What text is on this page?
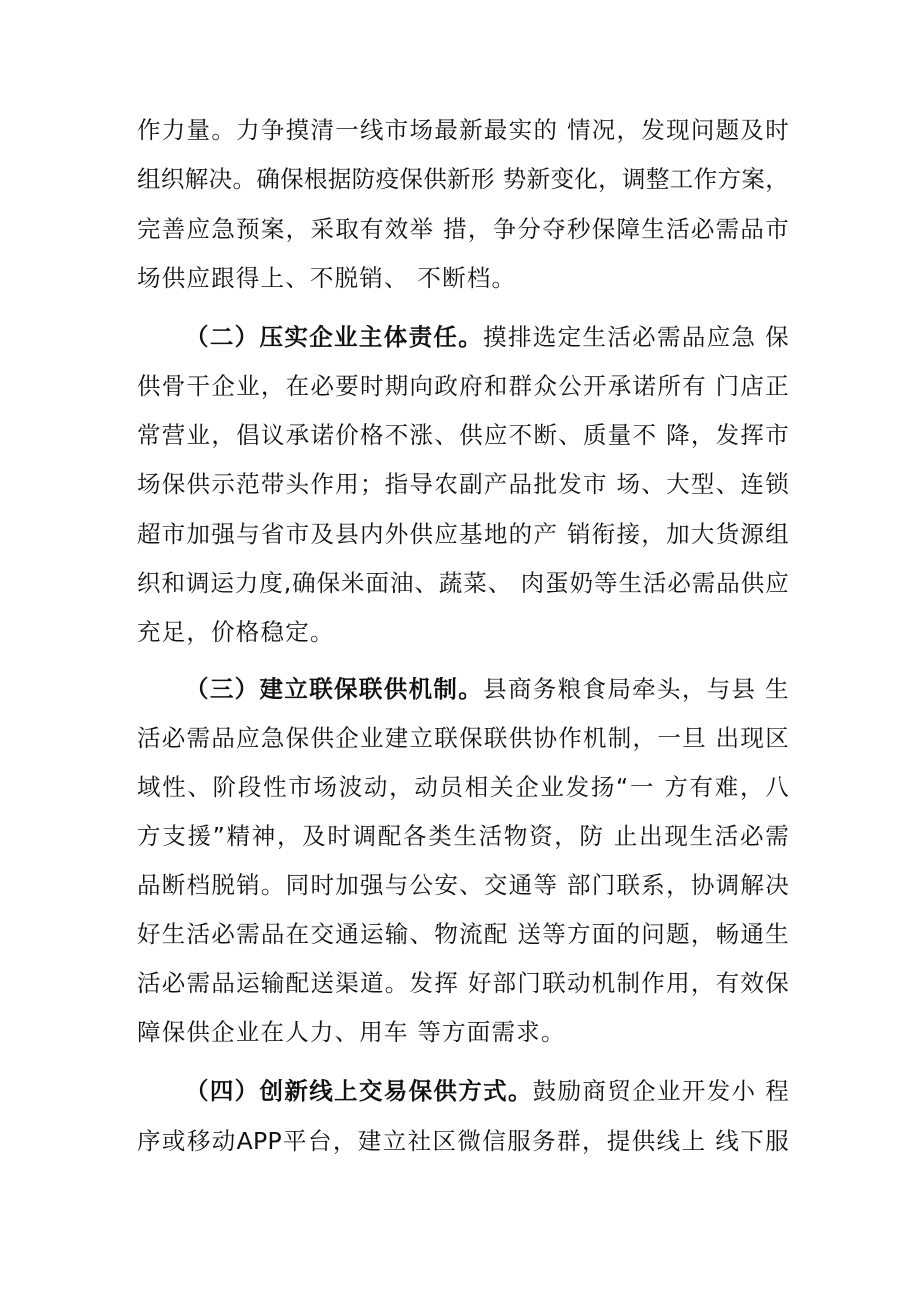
作力量。力争摸清一线市场最新最实的 情况，发现问题及时
组织解决。确保根据防疫保供新形 势新变化，调整工作方案，
完善应急预案，采取有效举 措，争分夺秒保障生活必需品市
场供应跟得上、不脱销、 不断档。
（二）压实企业主体责任。摸排选定生活必需品应急 保
供骨干企业，在必要时期向政府和群众公开承诺所有 门店正
常营业，倡议承诺价格不涨、供应不断、质量不 降，发挥市
场保供示范带头作用；指导农副产品批发市 场、大型、连锁
超市加强与省市及县内外供应基地的产 销衔接，加大货源组
织和调运力度,确保米面油、蔬菜、 肉蛋奶等生活必需品供应
充足，价格稳定。
（三）建立联保联供机制。县商务粮食局牵头，与县 生
活必需品应急保供企业建立联保联供协作机制，一旦 出现区
域性、阶段性市场波动，动员相关企业发扬“一 方有难，八
方支援”精神，及时调配各类生活物资，防 止出现生活必需
品断档脱销。同时加强与公安、交通等 部门联系，协调解决
好生活必需品在交通运输、物流配 送等方面的问题，畅通生
活必需品运输配送渠道。发挥 好部门联动机制作用，有效保
障保供企业在人力、用车 等方面需求。
（四）创新线上交易保供方式。鼓励商贸企业开发小 程
序或移动APP平台，建立社区微信服务群，提供线上 线下服
